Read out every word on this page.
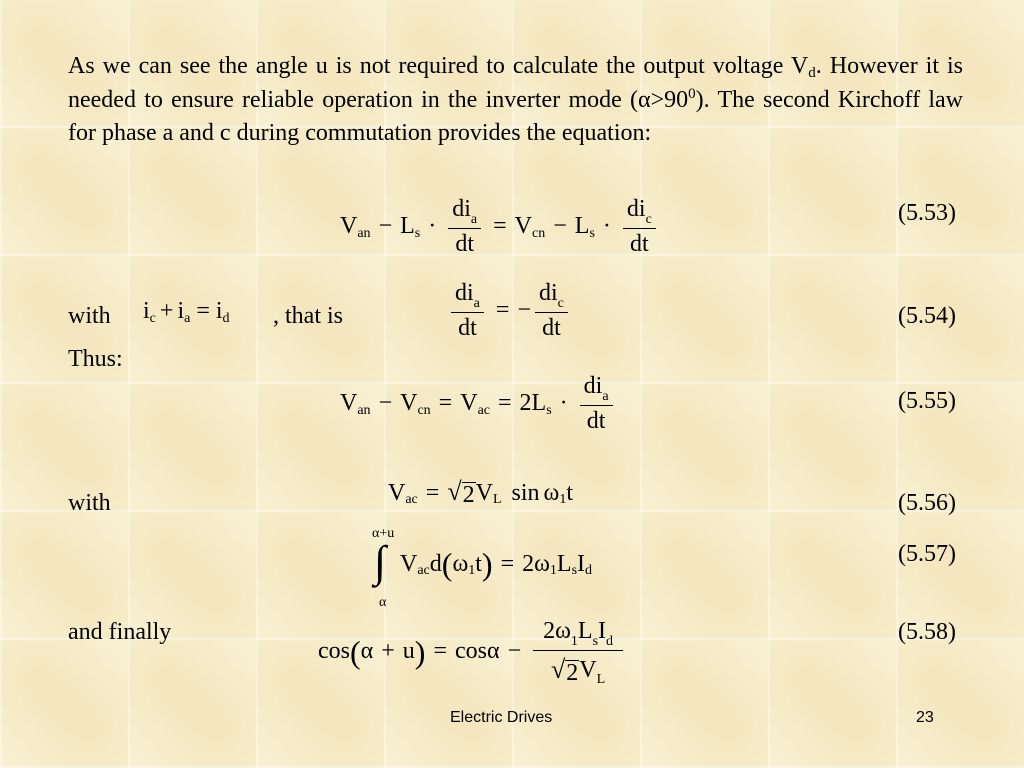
As we can see the angle u is not required to calculate the output voltage $V_d$. However it is needed to ensure reliable operation in the inverter mode $(\alpha>90^0)$. The second Kirchoff law for phase a and c during commutation provides the equation:
V an − L $s \cdot \frac{di_a}{dt} = V$ cn − L $s \cdot \frac{di_c}{dt}$	(5.53)
with i c + i a = i d , that is	$\frac{di_a}{dt}$ = − $\frac{di_c}{dt}$	(5.54)
Thus:
V an − V cn = V ac = 2 L $s \cdot \frac{di_a}{dt}$	(5.55)
with	V ac = √ 2 V L sin ω 1 t	(5.56)
α+u
∫
α
V ac d ( ω 1 t ) = 2 ω 1 L s I d
(5.57)
and finally
cos ( α + u ) = $\cos \alpha - \frac{2\omega_1L_sI_d}{\text{√ 2 V L}}$	(5.58)
Electric Drives	23
